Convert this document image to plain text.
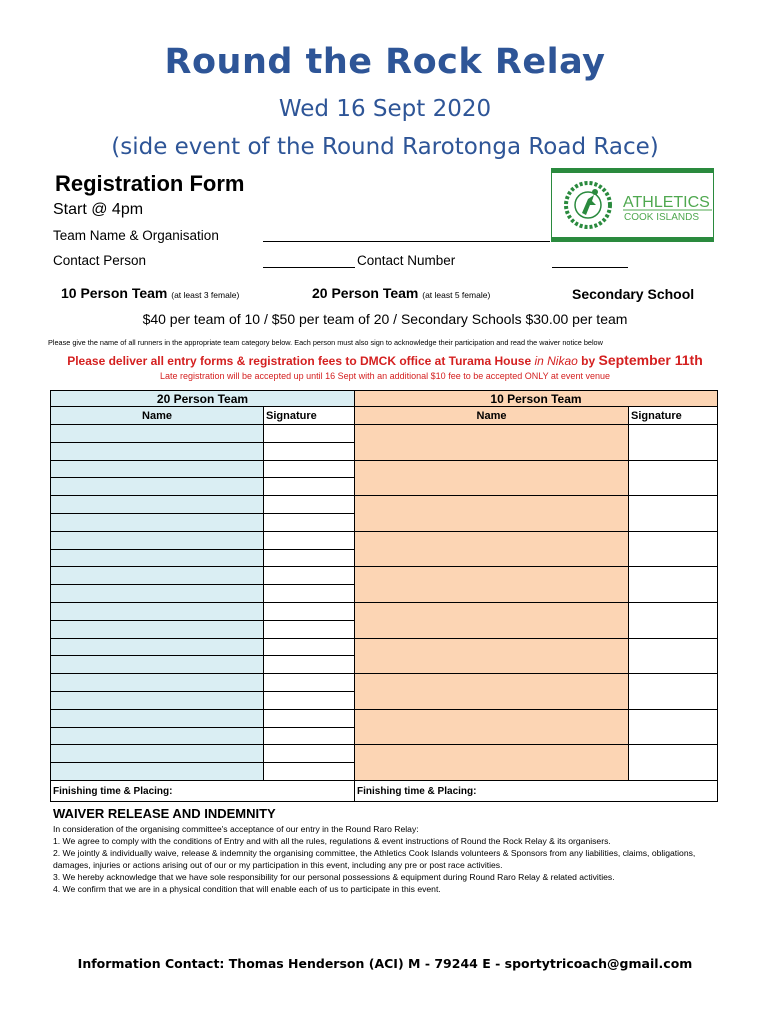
Round the Rock Relay
Wed 16 Sept 2020
(side event of the Round Rarotonga Road Race)
Registration Form
Start @ 4pm
Team Name & Organisation
Contact Person	Contact Number
ATHLETICS
COOK ISLANDS
10 Person Team (at least 3 female)	20 Person Team (at least 5 female)	Secondary School
$40 per team of 10 / $50 per team of 20 / Secondary Schools $30.00 per team
Please give the name of all runners in the appropriate team category below. Each person must also sign to acknowledge their participation and read the waiver notice below
Please deliver all entry forms & registration fees to DMCK office at Turama House in Nikao by September 11th
Late registration will be accepted up until 16 Sept with an additional $10 fee to be accepted ONLY at event venue
20 Person Team	10 Person Team
Name	Signature	Name	Signature
Finishing time & Placing:	Finishing time & Placing:
WAIVER RELEASE AND INDEMNITY
In consideration of the organising committee's acceptance of our entry in the Round Raro Relay:
1. We agree to comply with the conditions of Entry and with all the rules, regulations & event instructions of Round the Rock Relay & its organisers.
2. We jointly & individually waive, release & indemnity the organising committee, the Athletics Cook Islands volunteers & Sponsors from any liabilities, claims, obligations, damages, injuries or actions arising out of our or my participation in this event, including any pre or post race activities.
3. We hereby acknowledge that we have sole responsibility for our personal possessions & equipment during Round Raro Relay & related activities.
4. We confirm that we are in a physical condition that will enable each of us to participate in this event.
Information Contact: Thomas Henderson (ACI) M - 79244 E - sportytricoach@gmail.com
